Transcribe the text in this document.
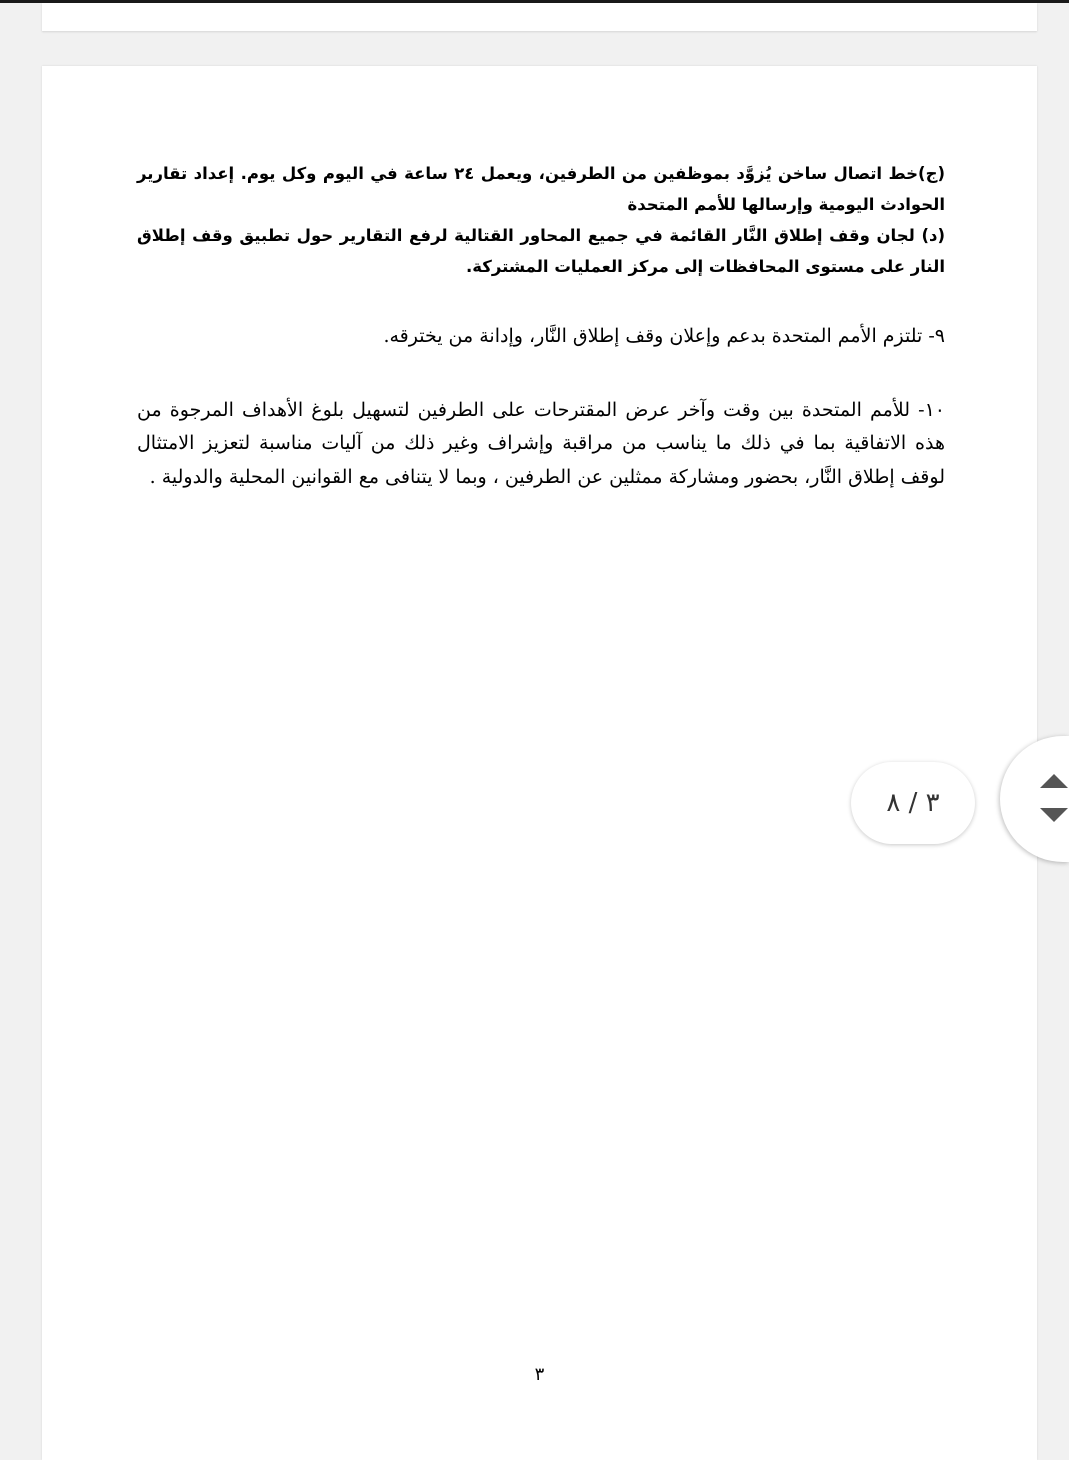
(ج)خط اتصال ساخن يُزوَّد بموظفين من الطرفين، ويعمل ٢٤ ساعة في اليوم وكل يوم. إعداد تقارير الحوادث اليومية وإرسالها للأمم المتحدة

(د) لجان وقف إطلاق النَّار القائمة في جميع المحاور القتالية لرفع التقارير حول تطبيق وقف إطلاق النار على مستوى المحافظات إلى مركز العمليات المشتركة.

٩- تلتزم الأمم المتحدة بدعم وإعلان وقف إطلاق النَّار، وإدانة من يخترقه.

١٠- للأمم المتحدة بين وقت وآخر عرض المقترحات على الطرفين لتسهيل بلوغ الأهداف المرجوة من هذه الاتفاقية بما في ذلك ما يناسب من مراقبة وإشراف وغير ذلك من آليات مناسبة لتعزيز الامتثال لوقف إطلاق النَّار، بحضور ومشاركة ممثلين عن الطرفين ، وبما لا يتنافى مع القوانين المحلية والدولية .

٣
٣ / ٨
